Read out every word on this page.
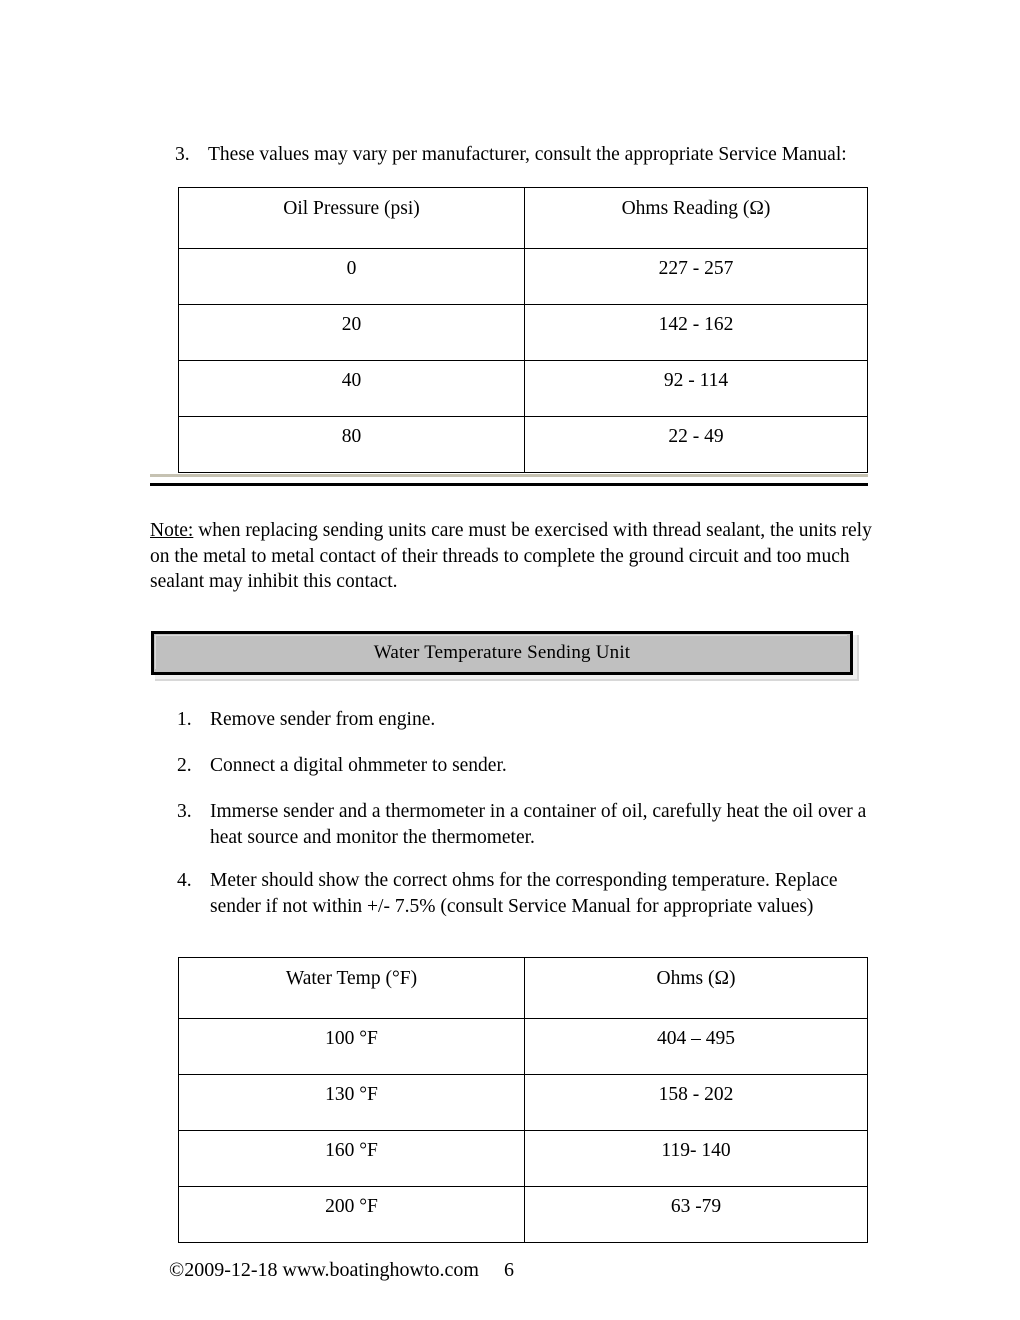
3. These values may vary per manufacturer, consult the appropriate Service Manual:
Oil Pressure (psi)	Ohms Reading (Ω)
0	227 - 257
20	142 - 162
40	92 - 114
80	22 - 49
Note: when replacing sending units care must be exercised with thread sealant, the units rely on the metal to metal contact of their threads to complete the ground circuit and too much sealant may inhibit this contact.
Water Temperature Sending Unit
1. Remove sender from engine.
2. Connect a digital ohmmeter to sender.
3. Immerse sender and a thermometer in a container of oil, carefully heat the oil over a heat source and monitor the thermometer.
4. Meter should show the correct ohms for the corresponding temperature. Replace sender if not within +/- 7.5% (consult Service Manual for appropriate values)
Water Temp (°F)	Ohms (Ω)
100 °F	404 – 495
130 °F	158 - 202
160 °F	119- 140
200 °F	63 -79

©2009-12-18 www.boatinghowto.com 6
